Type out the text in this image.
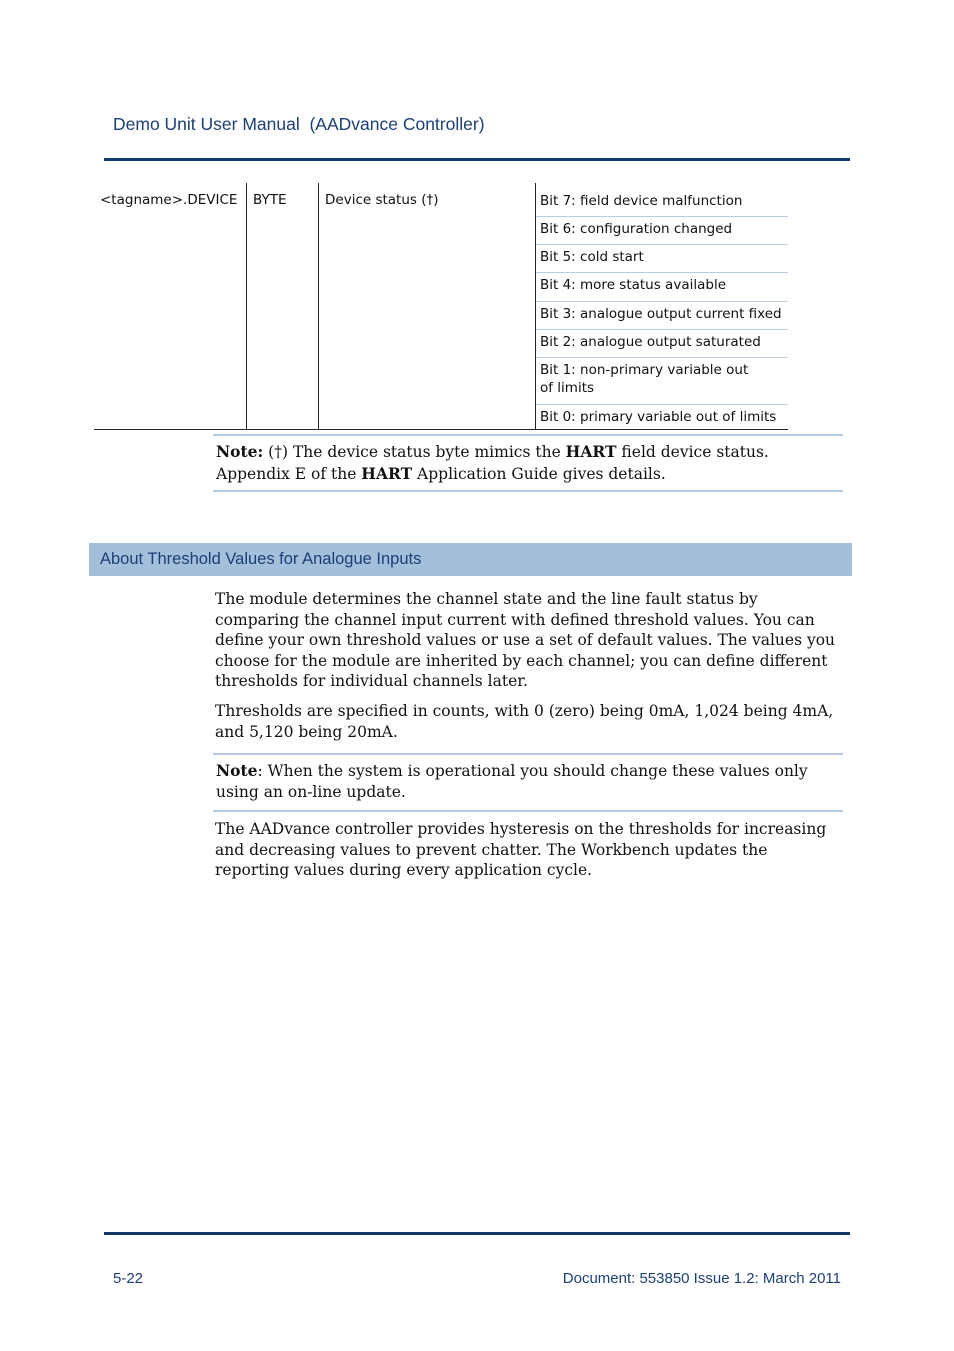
Demo Unit User Manual  (AADvance Controller)
<tagname>.DEVICE BYTE	Device status (†)	Bit 7: field device malfunction
Bit 6: configuration changed
Bit 5: cold start
Bit 4: more status available
Bit 3: analogue output current fixed
Bit 2: analogue output saturated
Bit 1: non-primary variable out of limits
Bit 0: primary variable out of limits
Note: (†) The device status byte mimics the HART field device status. Appendix E of the HART Application Guide gives details.
About Threshold Values for Analogue Inputs

The module determines the channel state and the line fault status by comparing the channel input current with defined threshold values. You can define your own threshold values or use a set of default values. The values you choose for the module are inherited by each channel; you can define different thresholds for individual channels later.

Thresholds are specified in counts, with 0 (zero) being 0mA, 1,024 being 4mA, and 5,120 being 20mA.

Note: When the system is operational you should change these values only using an on-line update.

The AADvance controller provides hysteresis on the thresholds for increasing and decreasing values to prevent chatter. The Workbench updates the reporting values during every application cycle.

5-22	Document: 553850 Issue 1.2: March 2011
